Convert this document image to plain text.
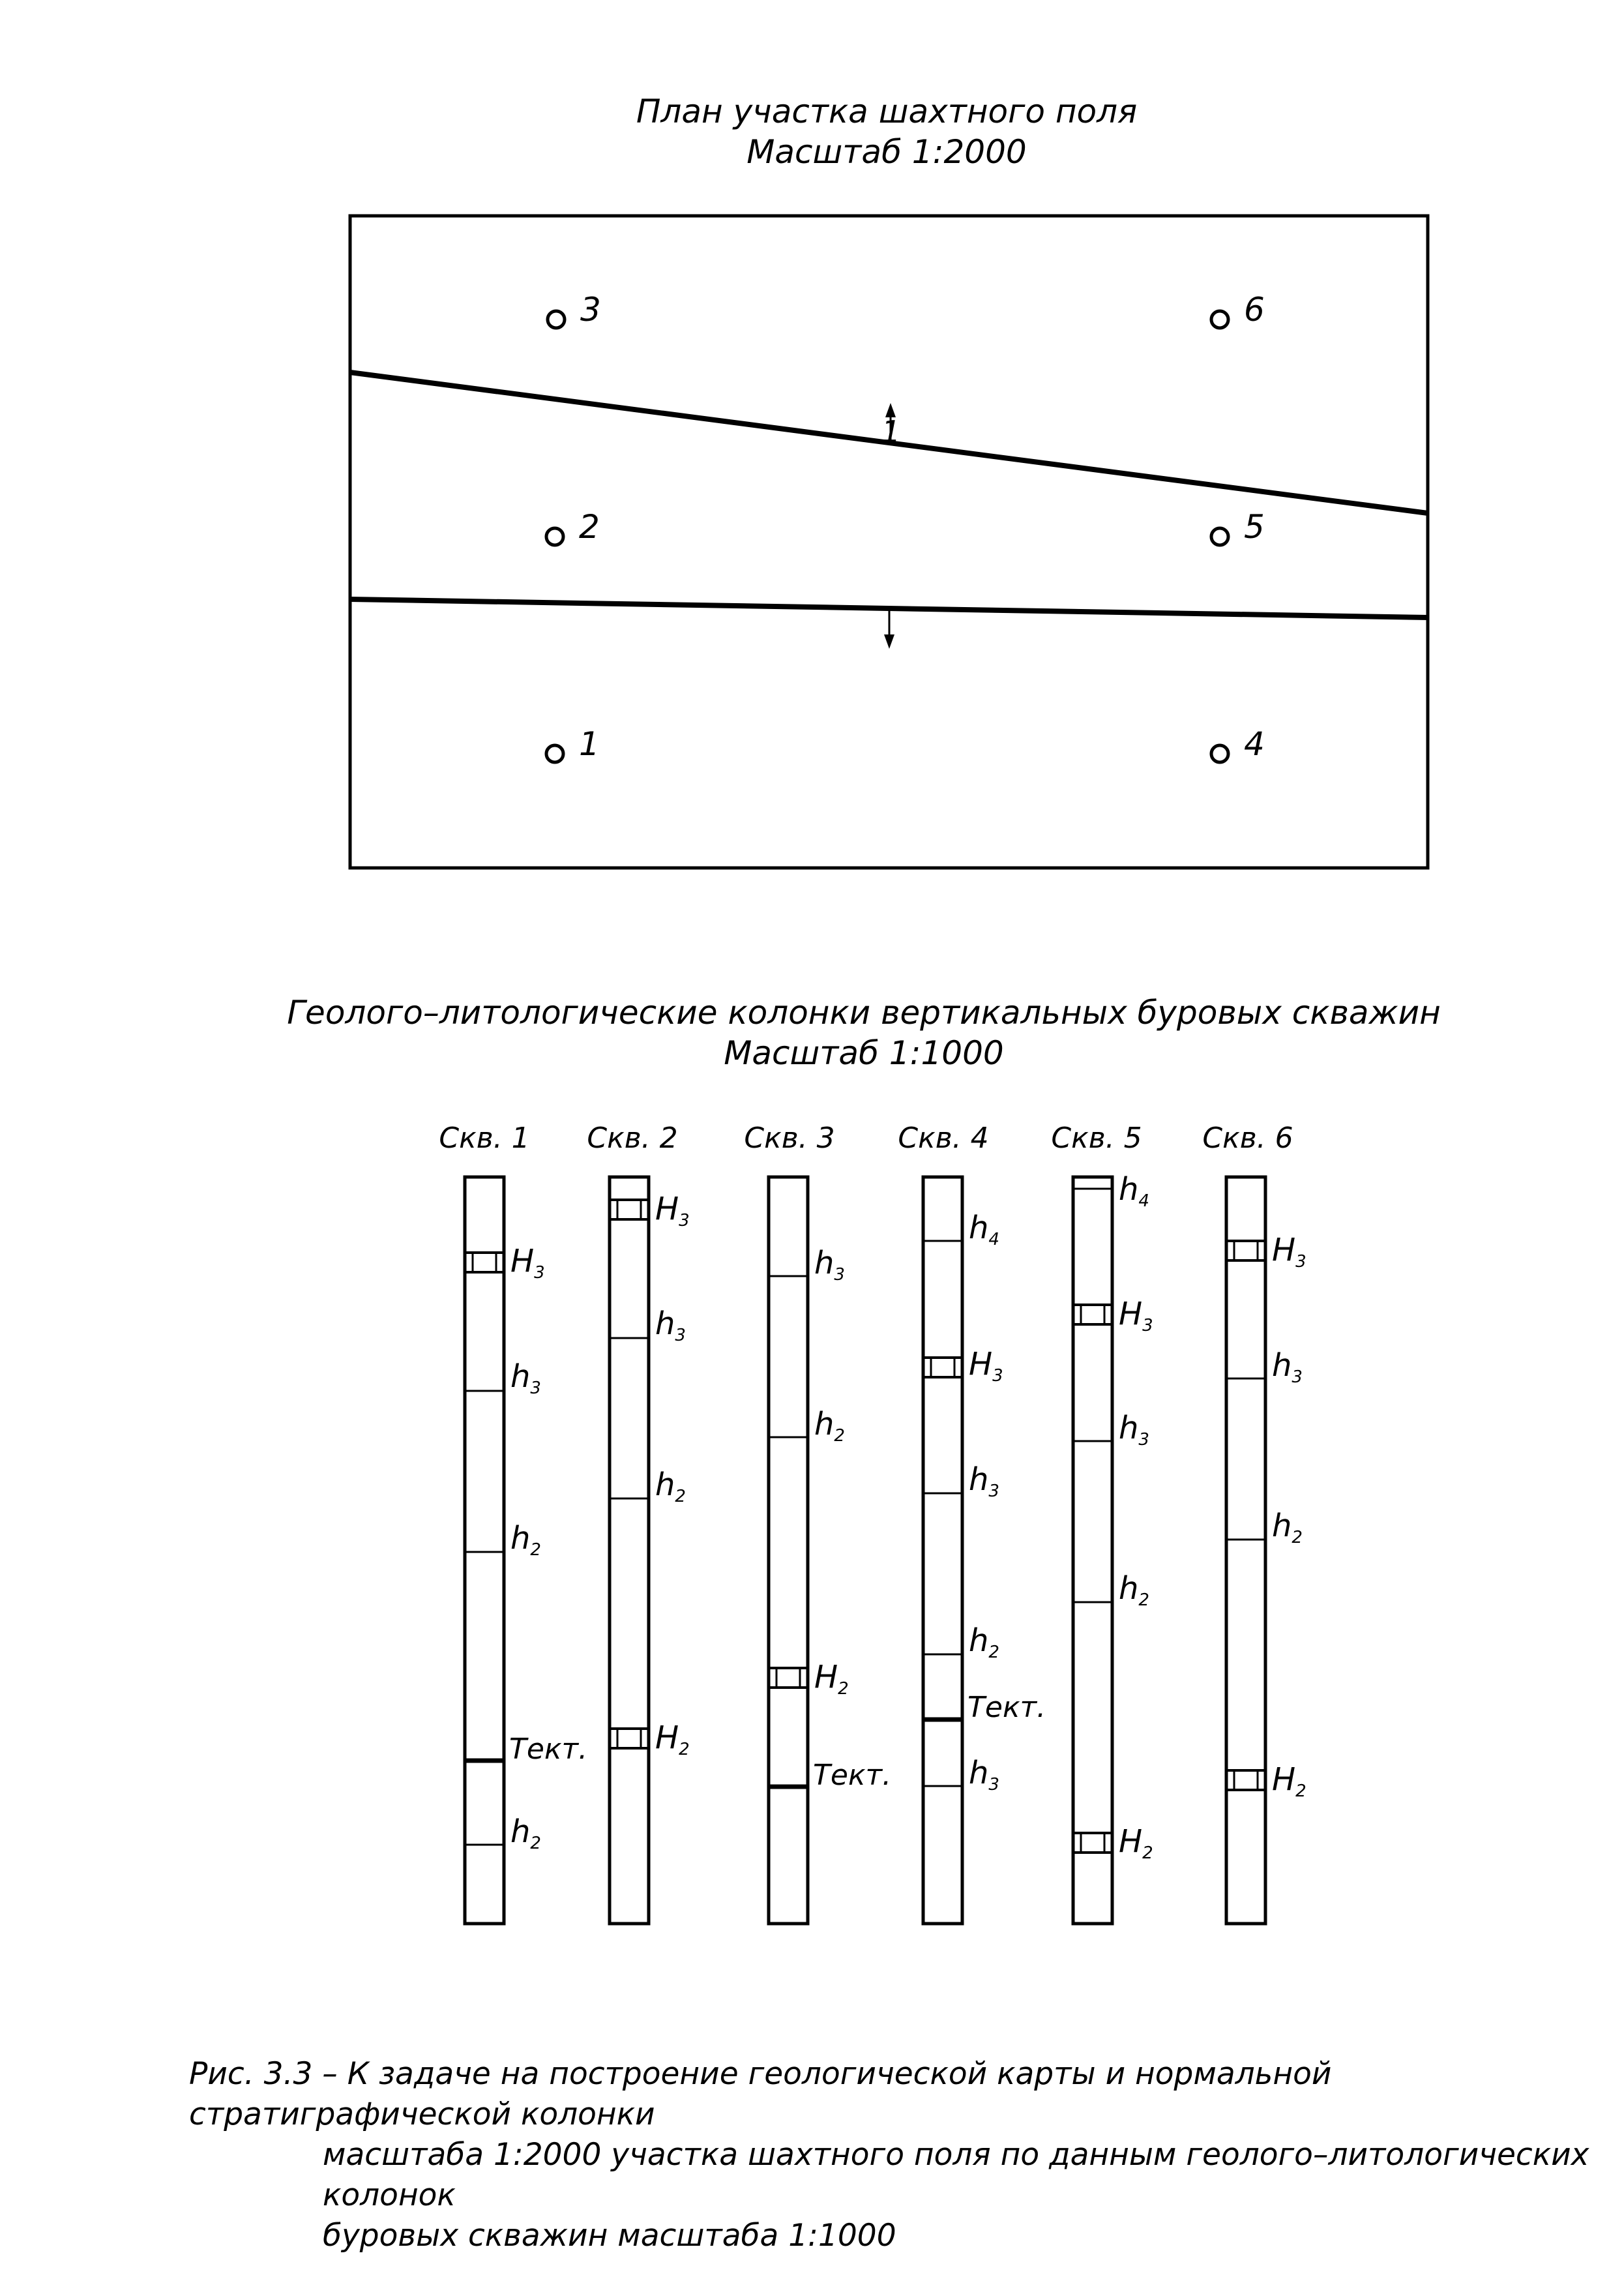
План участка шахтного поля
Масштаб 1:2000
1
3	6
2	5
1	4
Геолого–литологические колонки вертикальных буровых скважин
Масштаб 1:1000
Скв. 1
$H_3$
$h_3$
$h_2$
Тект.
$h_2$
Скв. 2
$H_3$
$h_3$
$h_2$
$H_2$
Скв. 3
$h_3$
$h_2$
$H_2$
Тект.
Скв. 4
$h_4$
$H_3$
$h_3$
$h_2$
Тект.
$h_3$
Скв. 5
$h_4$
$H_3$
$h_3$
$h_2$
$H_2$
Скв. 6
$H_3$
$h_3$
$h_2$
$H_2$

Рис. 3.3 – К задаче на построение геологической карты и нормальной стратиграфической колонки
масштаба 1:2000 участка шахтного поля по данным геолого–литологических колонок
буровых скважин масштаба 1:1000
